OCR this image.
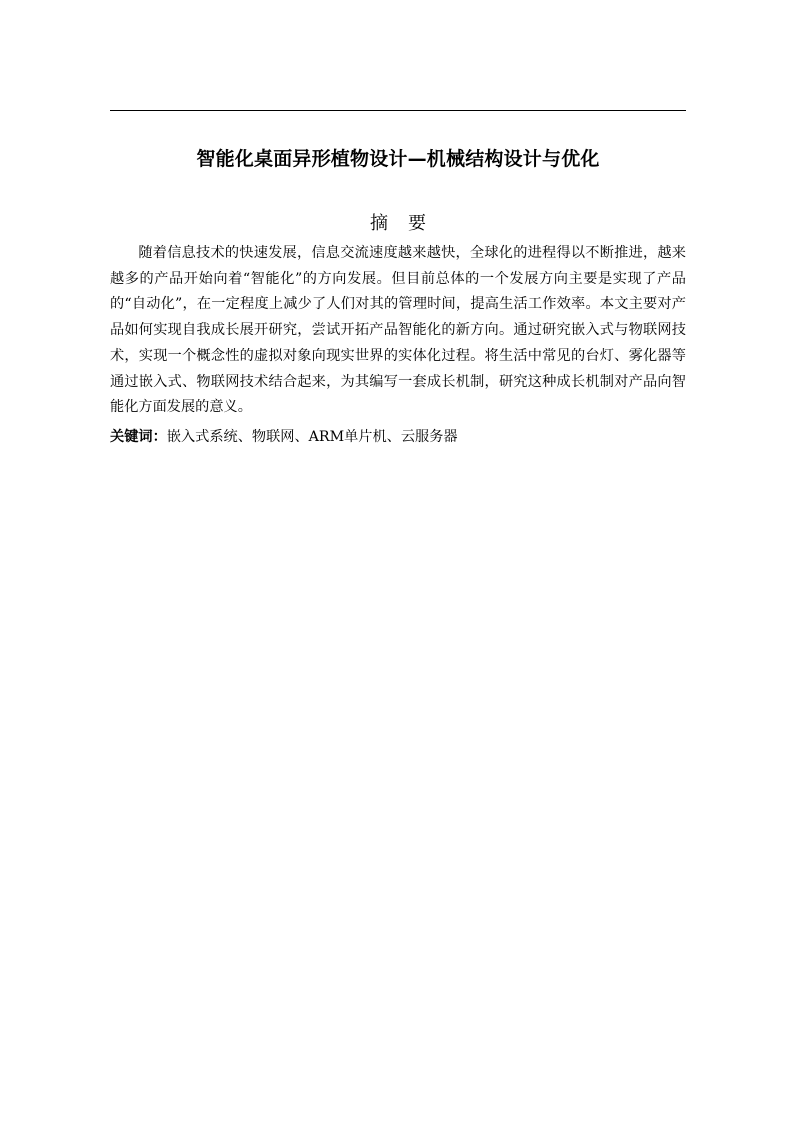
智能化桌面异形植物设计—机械结构设计与优化
摘 要

随着信息技术的快速发展，信息交流速度越来越快，全球化的进程得以不断推进，越来越多的产品开始向着“智能化”的方向发展。但目前总体的一个发展方向主要是实现了产品的“自动化”，在一定程度上减少了人们对其的管理时间，提高生活工作效率。本文主要对产品如何实现自我成长展开研究，尝试开拓产品智能化的新方向。通过研究嵌入式与物联网技术，实现一个概念性的虚拟对象向现实世界的实体化过程。将生活中常见的台灯、雾化器等通过嵌入式、物联网技术结合起来，为其编写一套成长机制，研究这种成长机制对产品向智能化方面发展的意义。

关键词：嵌入式系统、物联网、ARM单片机、云服务器
